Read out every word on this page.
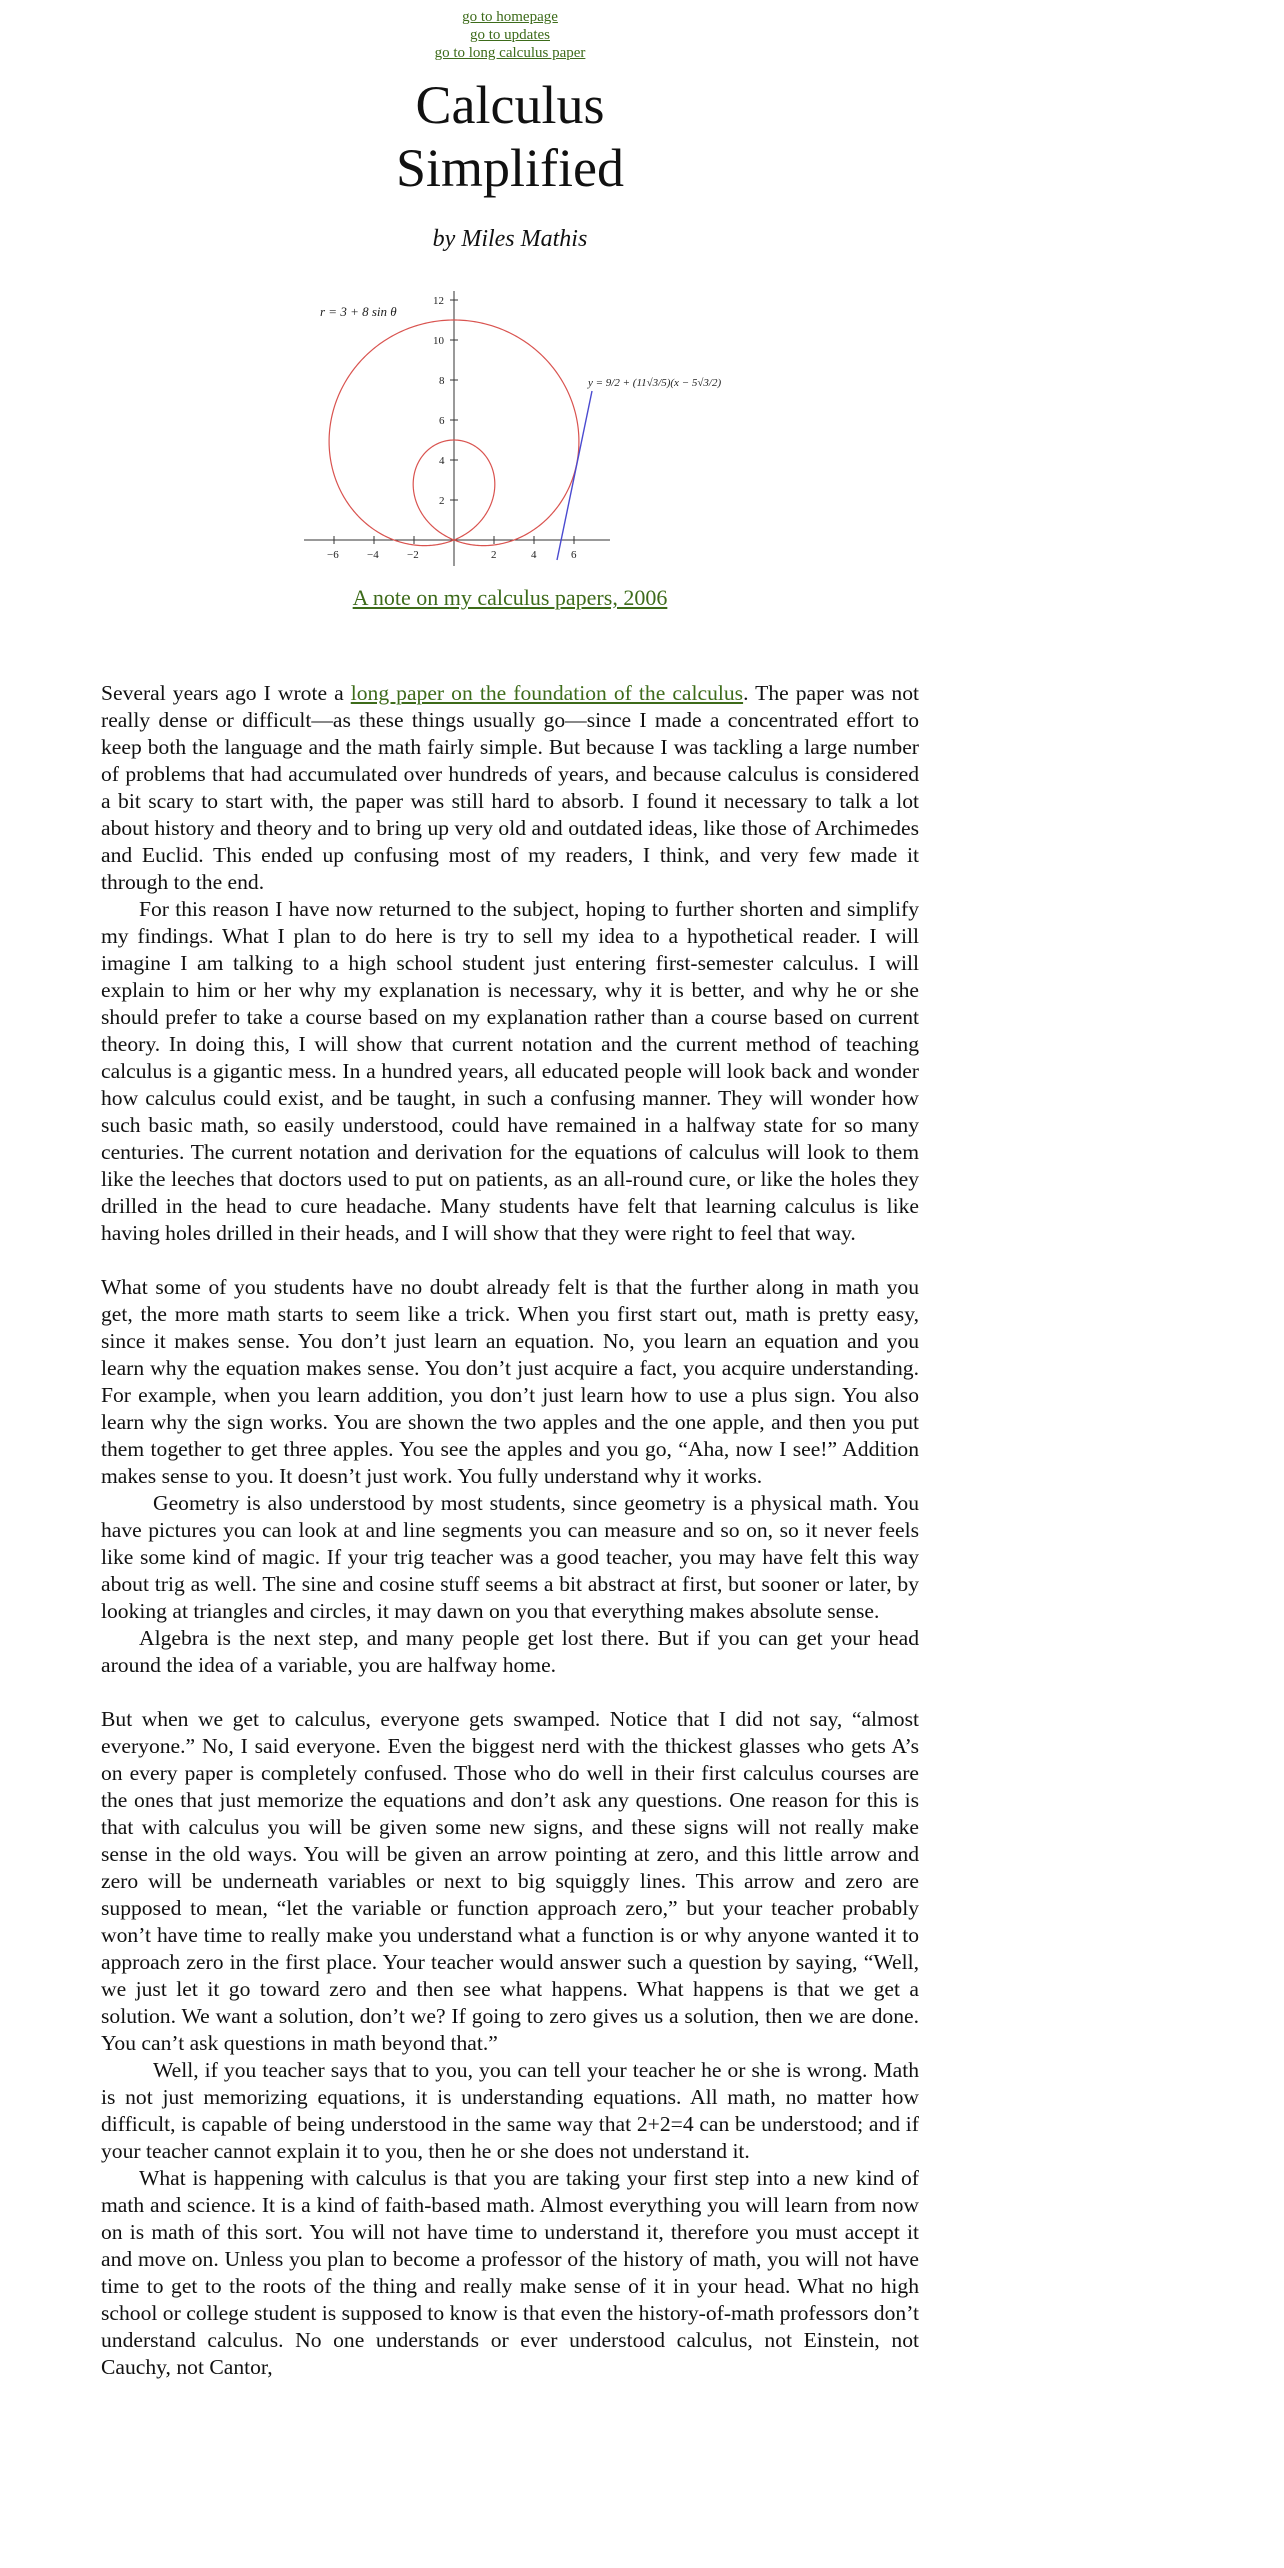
go to homepage
go to updates
go to long calculus paper
Calculus
Simplified
by Miles Mathis
−6	−4	−2	2	4	6
2
4
6
8
10
12
r = 3 + 8 sin θ
y = 9/2 + (11√3/5)(x − 5√3/2)
A note on my calculus papers, 2006

Several years ago I wrote a long paper on the foundation of the calculus. The paper was not really dense or difficult—as these things usually go—since I made a concentrated effort to keep both the language and the math fairly simple. But because I was tackling a large number of problems that had accumulated over hundreds of years, and because calculus is considered a bit scary to start with, the paper was still hard to absorb. I found it necessary to talk a lot about history and theory and to bring up very old and outdated ideas, like those of Archimedes and Euclid. This ended up confusing most of my readers, I think, and very few made it through to the end.

For this reason I have now returned to the subject, hoping to further shorten and simplify my findings. What I plan to do here is try to sell my idea to a hypothetical reader. I will imagine I am talking to a high school student just entering first-semester calculus. I will explain to him or her why my explanation is necessary, why it is better, and why he or she should prefer to take a course based on my explanation rather than a course based on current theory. In doing this, I will show that current notation and the current method of teaching calculus is a gigantic mess. In a hundred years, all educated people will look back and wonder how calculus could exist, and be taught, in such a confusing manner. They will wonder how such basic math, so easily understood, could have remained in a halfway state for so many centuries. The current notation and derivation for the equations of calculus will look to them like the leeches that doctors used to put on patients, as an all-round cure, or like the holes they drilled in the head to cure headache. Many students have felt that learning calculus is like having holes drilled in their heads, and I will show that they were right to feel that way.

What some of you students have no doubt already felt is that the further along in math you get, the more math starts to seem like a trick. When you first start out, math is pretty easy, since it makes sense. You don’t just learn an equation. No, you learn an equation and you learn why the equation makes sense. You don’t just acquire a fact, you acquire understanding. For example, when you learn addition, you don’t just learn how to use a plus sign. You also learn why the sign works. You are shown the two apples and the one apple, and then you put them together to get three apples. You see the apples and you go, “Aha, now I see!” Addition makes sense to you. It doesn’t just work. You fully understand why it works.

Geometry is also understood by most students, since geometry is a physical math. You have pictures you can look at and line segments you can measure and so on, so it never feels like some kind of magic. If your trig teacher was a good teacher, you may have felt this way about trig as well. The sine and cosine stuff seems a bit abstract at first, but sooner or later, by looking at triangles and circles, it may dawn on you that everything makes absolute sense.

Algebra is the next step, and many people get lost there. But if you can get your head around the idea of a variable, you are halfway home.

But when we get to calculus, everyone gets swamped. Notice that I did not say, “almost everyone.” No, I said everyone. Even the biggest nerd with the thickest glasses who gets A’s on every paper is completely confused. Those who do well in their first calculus courses are the ones that just memorize the equations and don’t ask any questions. One reason for this is that with calculus you will be given some new signs, and these signs will not really make sense in the old ways. You will be given an arrow pointing at zero, and this little arrow and zero will be underneath variables or next to big squiggly lines. This arrow and zero are supposed to mean, “let the variable or function approach zero,” but your teacher probably won’t have time to really make you understand what a function is or why anyone wanted it to approach zero in the first place. Your teacher would answer such a question by saying, “Well, we just let it go toward zero and then see what happens. What happens is that we get a solution. We want a solution, don’t we? If going to zero gives us a solution, then we are done. You can’t ask questions in math beyond that.”

Well, if you teacher says that to you, you can tell your teacher he or she is wrong. Math is not just memorizing equations, it is understanding equations. All math, no matter how difficult, is capable of being understood in the same way that 2+2=4 can be understood; and if your teacher cannot explain it to you, then he or she does not understand it.

What is happening with calculus is that you are taking your first step into a new kind of math and science. It is a kind of faith-based math. Almost everything you will learn from now on is math of this sort. You will not have time to understand it, therefore you must accept it and move on. Unless you plan to become a professor of the history of math, you will not have time to get to the roots of the thing and really make sense of it in your head. What no high school or college student is supposed to know is that even the history-of-math professors don’t understand calculus. No one understands or ever understood calculus, not Einstein, not Cauchy, not Cantor,
